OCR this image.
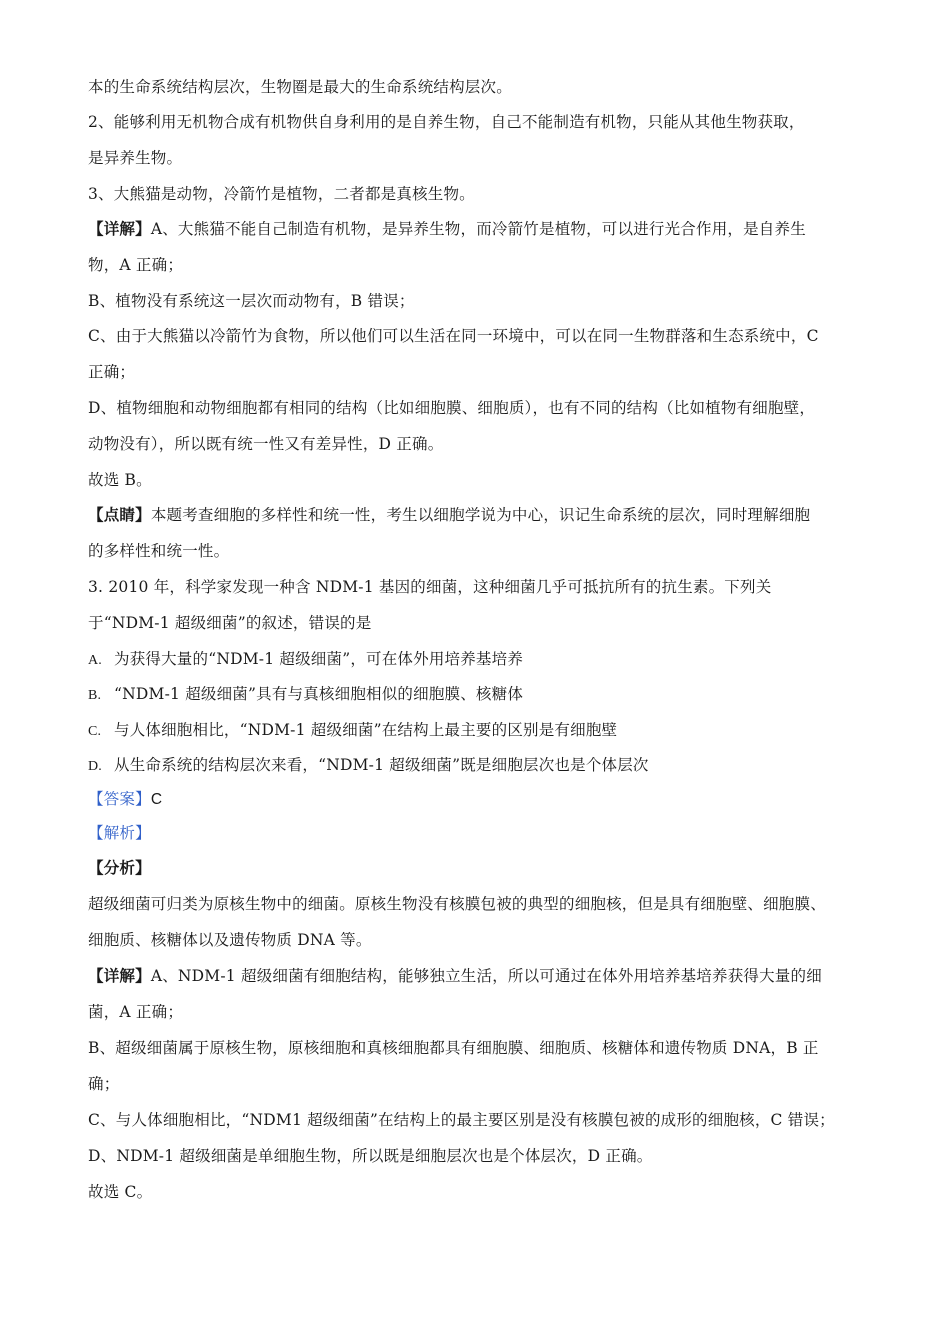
本的生命系统结构层次，生物圈是最大的生命系统结构层次。
2、能够利用无机物合成有机物供自身利用的是自养生物，自己不能制造有机物，只能从其他生物获取，
是异养生物。
3、大熊猫是动物，冷箭竹是植物，二者都是真核生物。
【详解】A、大熊猫不能自己制造有机物，是异养生物，而冷箭竹是植物，可以进行光合作用，是自养生
物，A 正确；
B、植物没有系统这一层次而动物有，B 错误；
C、由于大熊猫以冷箭竹为食物，所以他们可以生活在同一环境中，可以在同一生物群落和生态系统中，C
正确；
D、植物细胞和动物细胞都有相同的结构（比如细胞膜、细胞质），也有不同的结构（比如植物有细胞壁，
动物没有），所以既有统一性又有差异性，D 正确。
故选 B。
【点睛】本题考查细胞的多样性和统一性，考生以细胞学说为中心，识记生命系统的层次，同时理解细胞
的多样性和统一性。
3. 2010 年，科学家发现一种含 NDM-1 基因的细菌，这种细菌几乎可抵抗所有的抗生素。下列关
于“NDM-1 超级细菌”的叙述，错误的是
A. 为获得大量的“NDM-1 超级细菌”，可在体外用培养基培养
B. “NDM-1 超级细菌”具有与真核细胞相似的细胞膜、核糖体
C. 与人体细胞相比，“NDM-1 超级细菌”在结构上最主要的区别是有细胞壁
D. 从生命系统的结构层次来看，“NDM-1 超级细菌”既是细胞层次也是个体层次
【答案】C
【解析】
【分析】
超级细菌可归类为原核生物中的细菌。原核生物没有核膜包被的典型的细胞核，但是具有细胞壁、细胞膜、
细胞质、核糖体以及遗传物质 DNA 等。
【详解】A、NDM-1 超级细菌有细胞结构，能够独立生活，所以可通过在体外用培养基培养获得大量的细
菌，A 正确；
B、超级细菌属于原核生物，原核细胞和真核细胞都具有细胞膜、细胞质、核糖体和遗传物质 DNA，B 正
确；
C、与人体细胞相比，“NDM1 超级细菌”在结构上的最主要区别是没有核膜包被的成形的细胞核，C 错误；
D、NDM-1 超级细菌是单细胞生物，所以既是细胞层次也是个体层次，D 正确。
故选 C。
